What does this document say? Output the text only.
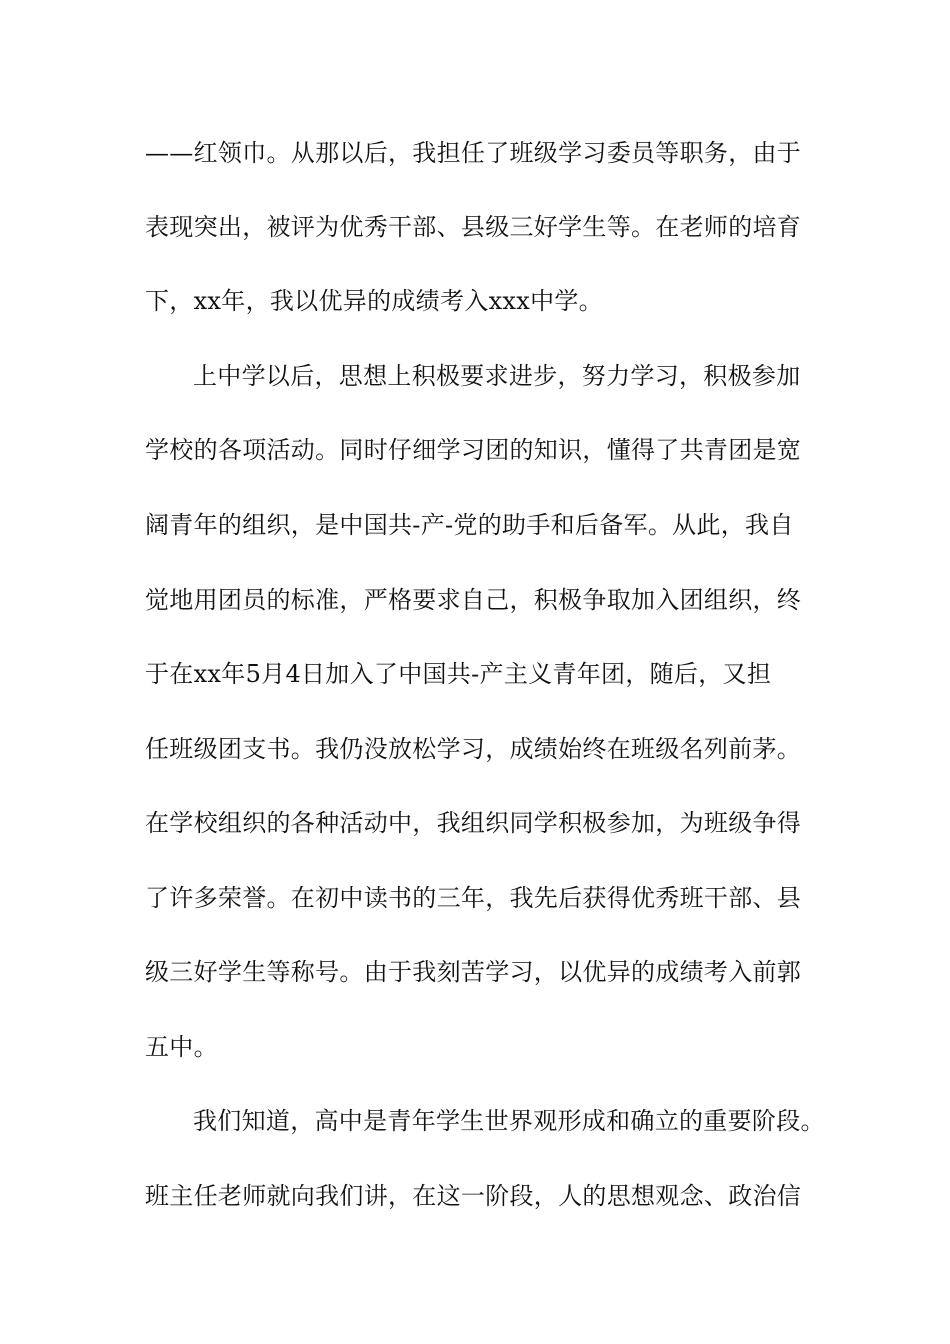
——红领巾。从那以后，我担任了班级学习委员等职务，由于
表现突出，被评为优秀干部、县级三好学生等。在老师的培育
下，xx年，我以优异的成绩考入xxx中学。
上中学以后，思想上积极要求进步，努力学习，积极参加
学校的各项活动。同时仔细学习团的知识，懂得了共青团是宽
阔青年的组织，是中国共-产-党的助手和后备军。从此，我自
觉地用团员的标准，严格要求自己，积极争取加入团组织，终
于在xx年5月4日加入了中国共-产主义青年团，随后，又担
任班级团支书。我仍没放松学习，成绩始终在班级名列前茅。
在学校组织的各种活动中，我组织同学积极参加，为班级争得
了许多荣誉。在初中读书的三年，我先后获得优秀班干部、县
级三好学生等称号。由于我刻苦学习，以优异的成绩考入前郭
五中。
我们知道，高中是青年学生世界观形成和确立的重要阶段。
班主任老师就向我们讲，在这一阶段，人的思想观念、政治信
